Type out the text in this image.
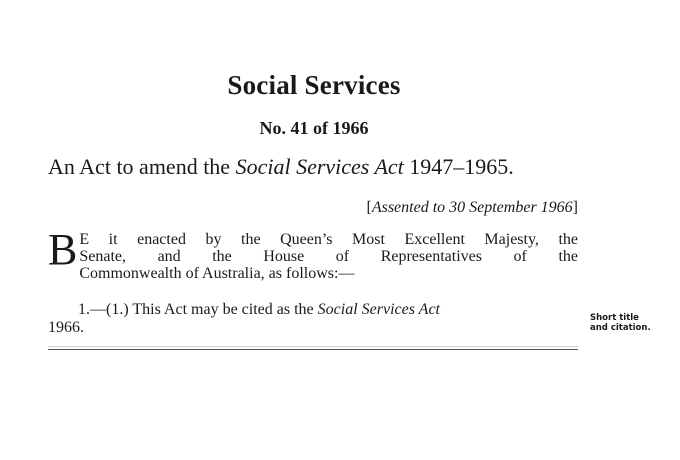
Social Services
No. 41 of 1966
An Act to amend the Social Services Act 1947–1965.
[Assented to 30 September 1966]
B E it enacted by the Queen’s Most Excellent Majesty, the
Senate, and the House of Representatives of the
Commonwealth of Australia, as follows:—
1.—(1.) This Act may be cited as the Social Services Act
1966.
Short title
and citation.
